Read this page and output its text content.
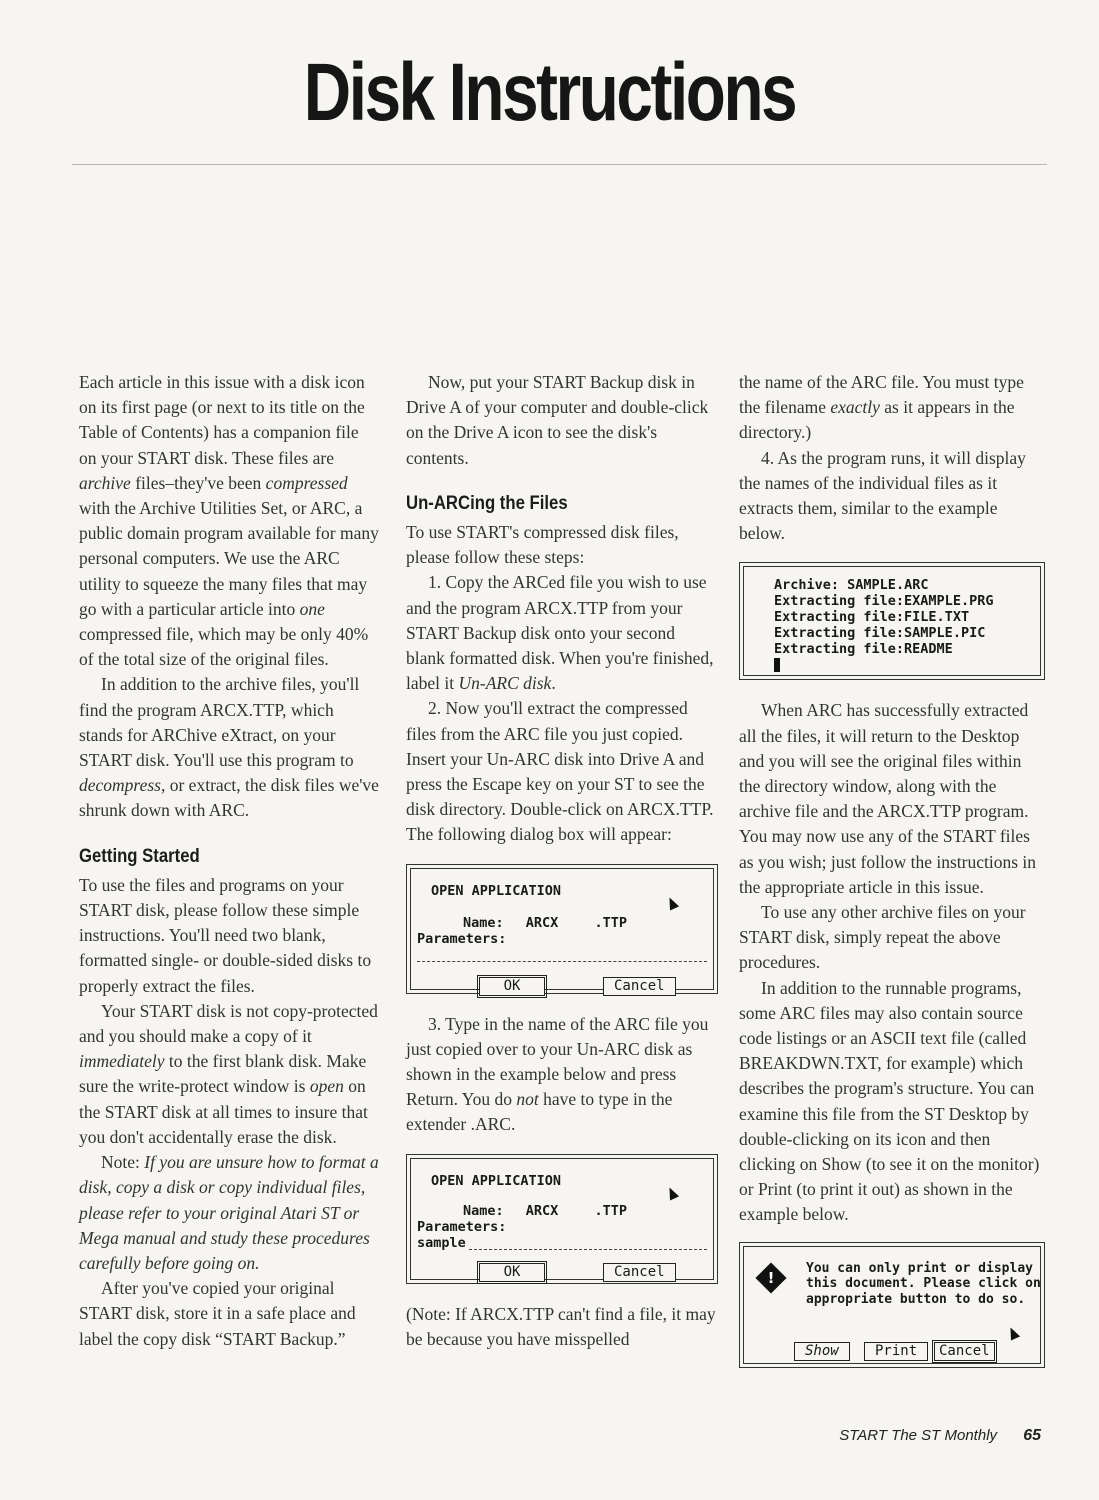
Disk Instructions

Each article in this issue with a disk icon on its first page (or next to its title on the Table of Contents) has a companion file on your START disk. These files are archive files–they've been compressed with the Archive Utilities Set, or ARC, a public domain program available for many personal computers. We use the ARC utility to squeeze the many files that may go with a particular article into one compressed file, which may be only 40% of the total size of the original files.

In addition to the archive files, you'll find the program ARCX.TTP, which stands for ARChive eXtract, on your START disk. You'll use this program to decompress, or extract, the disk files we've shrunk down with ARC.

Getting Started

To use the files and programs on your START disk, please follow these simple instructions. You'll need two blank, formatted single- or double-sided disks to properly extract the files.

Your START disk is not copy-protected and you should make a copy of it immediately to the first blank disk. Make sure the write-protect window is open on the START disk at all times to insure that you don't accidentally erase the disk.

Note: If you are unsure how to format a disk, copy a disk or copy individual files, please refer to your original Atari ST or Mega manual and study these procedures carefully before going on.

After you've copied your original START disk, store it in a safe place and label the copy disk “START Backup.”

Now, put your START Backup disk in Drive A of your computer and double-click on the Drive A icon to see the disk's contents.

Un-ARCing the Files

To use START's compressed disk files, please follow these steps:

1. Copy the ARCed file you wish to use and the program ARCX.TTP from your START Backup disk onto your second blank formatted disk. When you're finished, label it Un-ARC disk.

2. Now you'll extract the compressed files from the ARC file you just copied. Insert your Un-ARC disk into Drive A and press the Escape key on your ST to see the disk directory. Double-click on ARCX.TTP. The following dialog box will appear:

OPEN APPLICATION
Name: ARCX	.TTP
Parameters:
OK	Cancel

3. Type in the name of the ARC file you just copied over to your Un-ARC disk as shown in the example below and press Return. You do not have to type in the extender .ARC.

OPEN APPLICATION
Name: ARCX	.TTP
Parameters:
sample
OK	Cancel

(Note: If ARCX.TTP can't find a file, it may be because you have misspelled

the name of the ARC file. You must type the filename exactly as it appears in the directory.)

4. As the program runs, it will display the names of the individual files as it extracts them, similar to the example below.

Archive: SAMPLE.ARC
Extracting file:EXAMPLE.PRG
Extracting file:FILE.TXT
Extracting file:SAMPLE.PIC
Extracting file:README

When ARC has successfully extracted all the files, it will return to the Desktop and you will see the original files within the directory window, along with the archive file and the ARCX.TTP program. You may now use any of the START files as you wish; just follow the instructions in the appropriate article in this issue.

To use any other archive files on your START disk, simply repeat the above procedures.

In addition to the runnable programs, some ARC files may also contain source code listings or an ASCII text file (called BREAKDWN.TXT, for example) which describes the program's structure. You can examine this file from the ST Desktop by double-clicking on its icon and then clicking on Show (to see it on the monitor) or Print (to print it out) as shown in the example below.

!
You can only print or display this document. Please click on appropriate button to do so.
Show	Print	Cancel
START The ST Monthly 65
